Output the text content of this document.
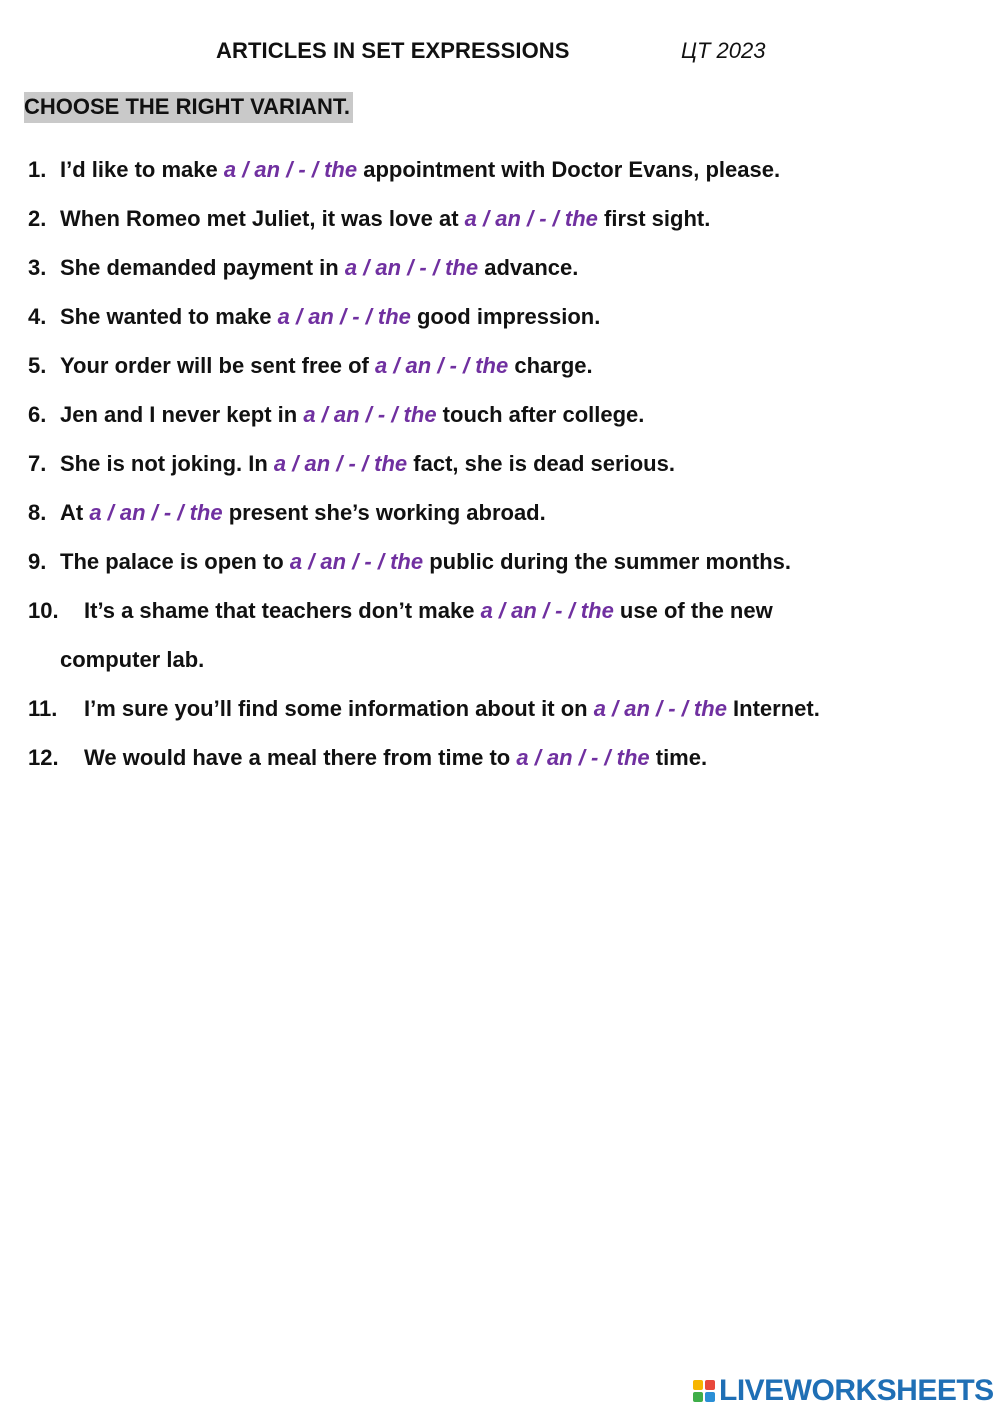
ARTICLES IN SET EXPRESSIONS	ЦТ 2023
CHOOSE THE RIGHT VARIANT.
1. I’d like to make a / an / - / the appointment with Doctor Evans, please.
2. When Romeo met Juliet, it was love at a / an / - / the first sight.
3. She demanded payment in a / an / - / the advance.
4. She wanted to make a / an / - / the good impression.
5. Your order will be sent free of a / an / - / the charge.
6. Jen and I never kept in a / an / - / the touch after college.
7. She is not joking. In a / an / - / the fact, she is dead serious.
8. At a / an / - / the present she’s working abroad.
9. The palace is open to a / an / - / the public during the summer months.
10.	It’s a shame that teachers don’t make a / an / - / the use of the new
computer lab.
11.	I’m sure you’ll find some information about it on a / an / - / the Internet.
12.	We would have a meal there from time to a / an / - / the time.
LIVEWORKSHEETS
